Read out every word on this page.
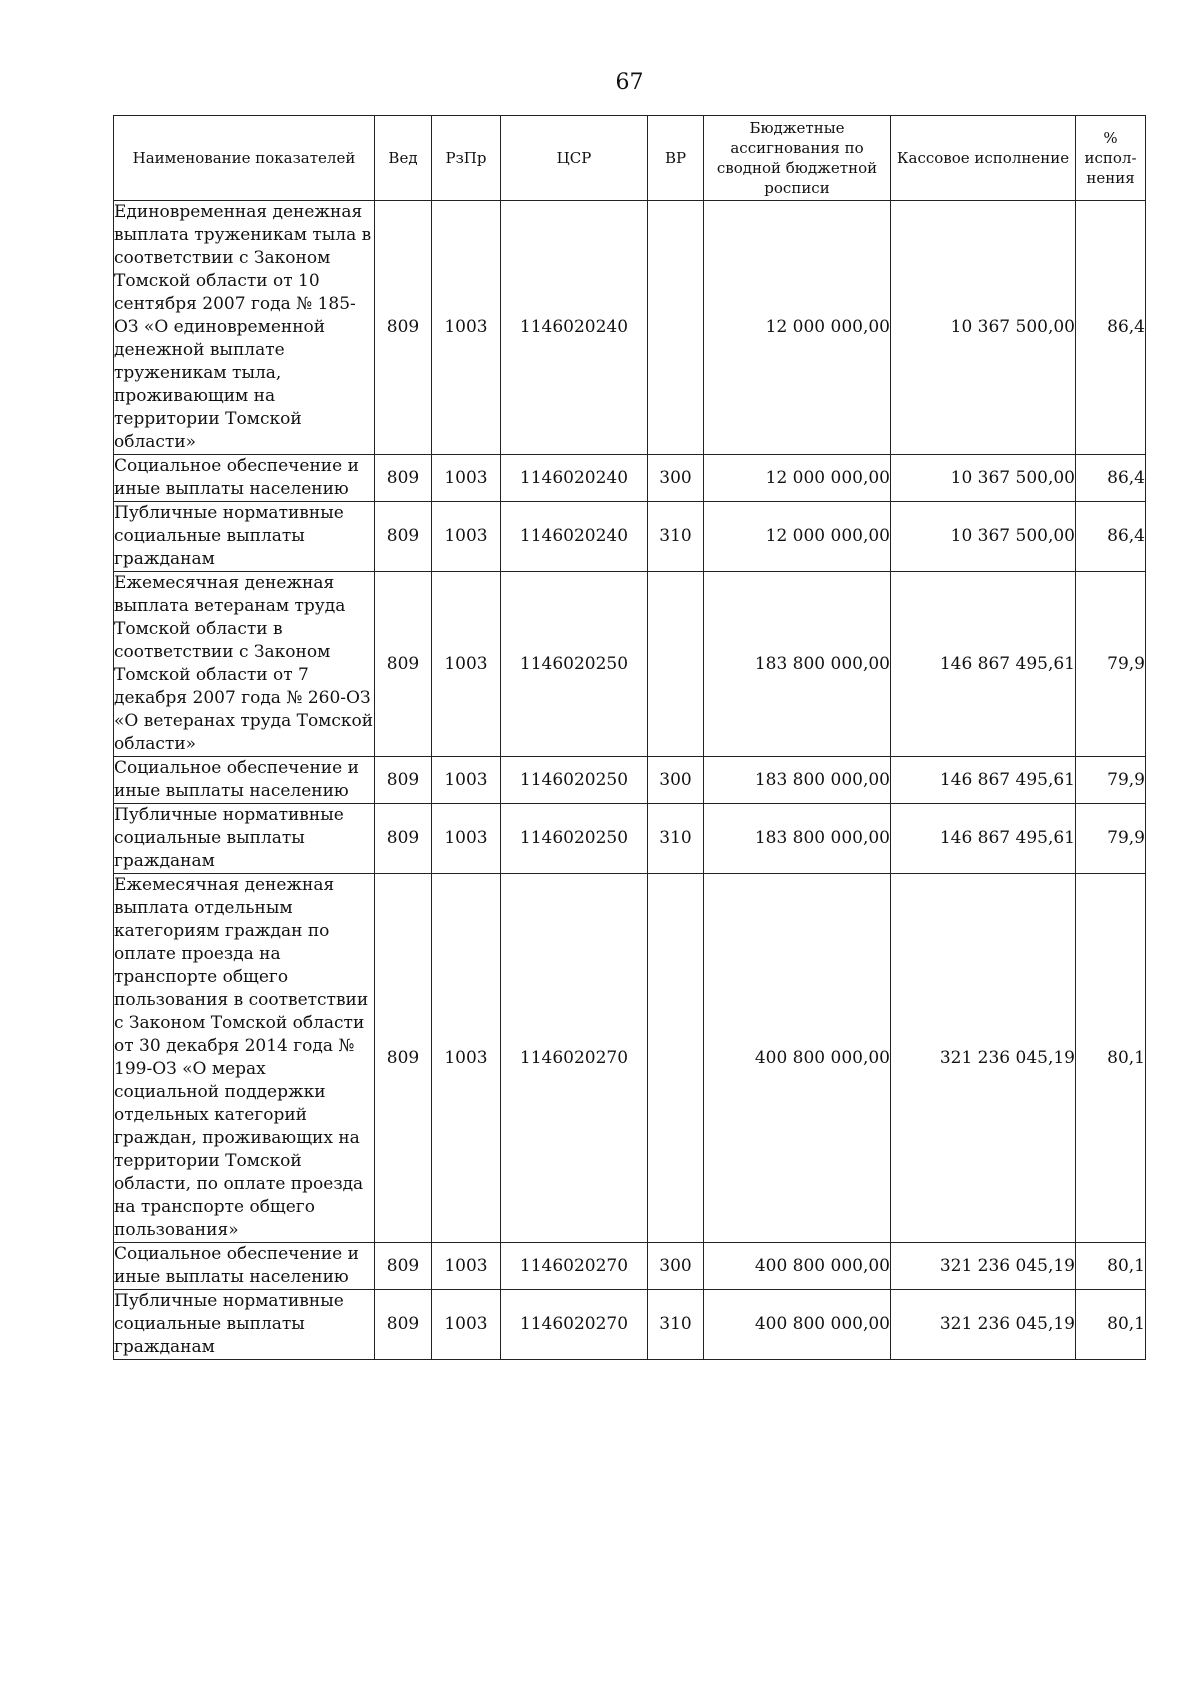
67
Наименование показателей	Вед	РзПр	ЦСР	ВР	Бюджетные ассигнования по сводной бюджетной росписи	Кассовое исполнение	% испол-нения
Единовременная денежная выплата труженикам тыла в соответствии с Законом Томской области от 10 сентября 2007 года № 185-ОЗ «О единовременной денежной выплате труженикам тыла, проживающим на территории Томской области»	809	1003	1146020240		12 000 000,00	10 367 500,00	86,4
Социальное обеспечение и иные выплаты населению	809	1003	1146020240	300	12 000 000,00	10 367 500,00	86,4
Публичные нормативные социальные выплаты гражданам	809	1003	1146020240	310	12 000 000,00	10 367 500,00	86,4
Ежемесячная денежная выплата ветеранам труда Томской области в соответствии с Законом Томской области от 7 декабря 2007 года № 260-ОЗ «О ветеранах труда Томской области»	809	1003	1146020250		183 800 000,00	146 867 495,61	79,9
Социальное обеспечение и иные выплаты населению	809	1003	1146020250	300	183 800 000,00	146 867 495,61	79,9
Публичные нормативные социальные выплаты гражданам	809	1003	1146020250	310	183 800 000,00	146 867 495,61	79,9
Ежемесячная денежная выплата отдельным категориям граждан по оплате проезда на транспорте общего пользования в соответствии с Законом Томской области от 30 декабря 2014 года № 199-ОЗ «О мерах социальной поддержки отдельных категорий граждан, проживающих на территории Томской области, по оплате проезда на транспорте общего пользования»	809	1003	1146020270		400 800 000,00	321 236 045,19	80,1
Социальное обеспечение и иные выплаты населению	809	1003	1146020270	300	400 800 000,00	321 236 045,19	80,1
Публичные нормативные социальные выплаты гражданам	809	1003	1146020270	310	400 800 000,00	321 236 045,19	80,1
